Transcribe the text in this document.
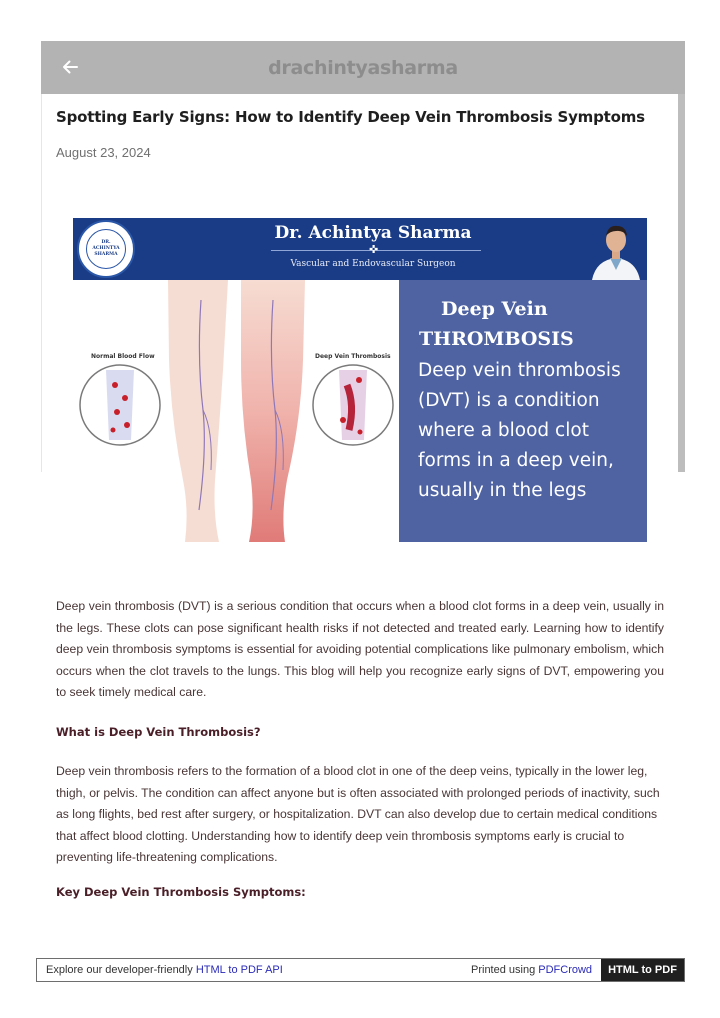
drachintyasharma
Spotting Early Signs: How to Identify Deep Vein Thrombosis Symptoms
August 23, 2024
DR. ACHINTYA SHARMA
Dr. Achintya Sharma
✜
Vascular and Endovascular Surgeon
Normal Blood Flow	Deep Vein Thrombosis
Deep Vein
THROMBOSIS
Deep vein thrombosis (DVT) is a condition where a blood clot forms in a deep vein, usually in the legs

Deep vein thrombosis (DVT) is a serious condition that occurs when a blood clot forms in a deep vein, usually in the legs. These clots can pose significant health risks if not detected and treated early. Learning how to identify deep vein thrombosis symptoms is essential for avoiding potential complications like pulmonary embolism, which occurs when the clot travels to the lungs. This blog will help you recognize early signs of DVT, empowering you to seek timely medical care.

What is Deep Vein Thrombosis?

Deep vein thrombosis refers to the formation of a blood clot in one of the deep veins, typically in the lower leg, thigh, or pelvis. The condition can affect anyone but is often associated with prolonged periods of inactivity, such as long flights, bed rest after surgery, or hospitalization. DVT can also develop due to certain medical conditions that affect blood clotting. Understanding how to identify deep vein thrombosis symptoms early is crucial to preventing life-threatening complications.

Key Deep Vein Thrombosis Symptoms:
Explore our developer-friendly HTML to PDF API	Printed using PDFCrowd	HTML to PDF
